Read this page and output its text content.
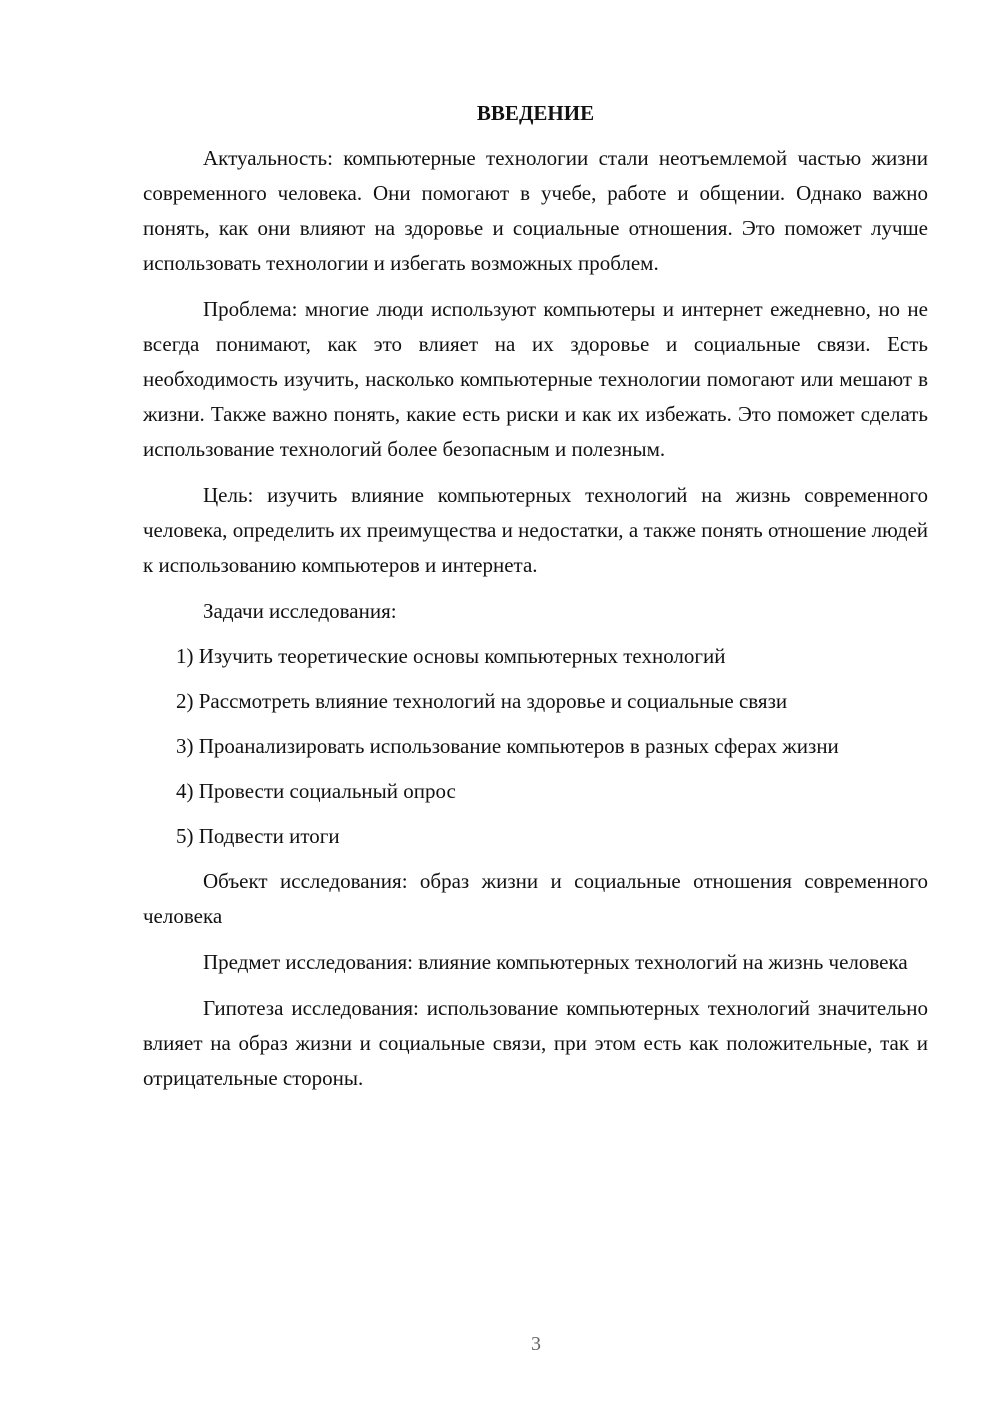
ВВЕДЕНИЕ

Актуальность: компьютерные технологии стали неотъемлемой частью жизни современного человека. Они помогают в учебе, работе и общении. Однако важно понять, как они влияют на здоровье и социальные отношения. Это поможет лучше использовать технологии и избегать возможных проблем.

Проблема: многие люди используют компьютеры и интернет ежедневно, но не всегда понимают, как это влияет на их здоровье и социальные связи. Есть необходимость изучить, насколько компьютерные технологии помогают или мешают в жизни. Также важно понять, какие есть риски и как их избежать. Это поможет сделать использование технологий более безопасным и полезным.

Цель: изучить влияние компьютерных технологий на жизнь современного человека, определить их преимущества и недостатки, а также понять отношение людей к использованию компьютеров и интернета.

Задачи исследования:

1) Изучить теоретические основы компьютерных технологий

2) Рассмотреть влияние технологий на здоровье и социальные связи

3) Проанализировать использование компьютеров в разных сферах жизни

4) Провести социальный опрос

5) Подвести итоги

Объект исследования: образ жизни и социальные отношения современного человека

Предмет исследования: влияние компьютерных технологий на жизнь человека

Гипотеза исследования: использование компьютерных технологий значительно влияет на образ жизни и социальные связи, при этом есть как положительные, так и отрицательные стороны.

3
